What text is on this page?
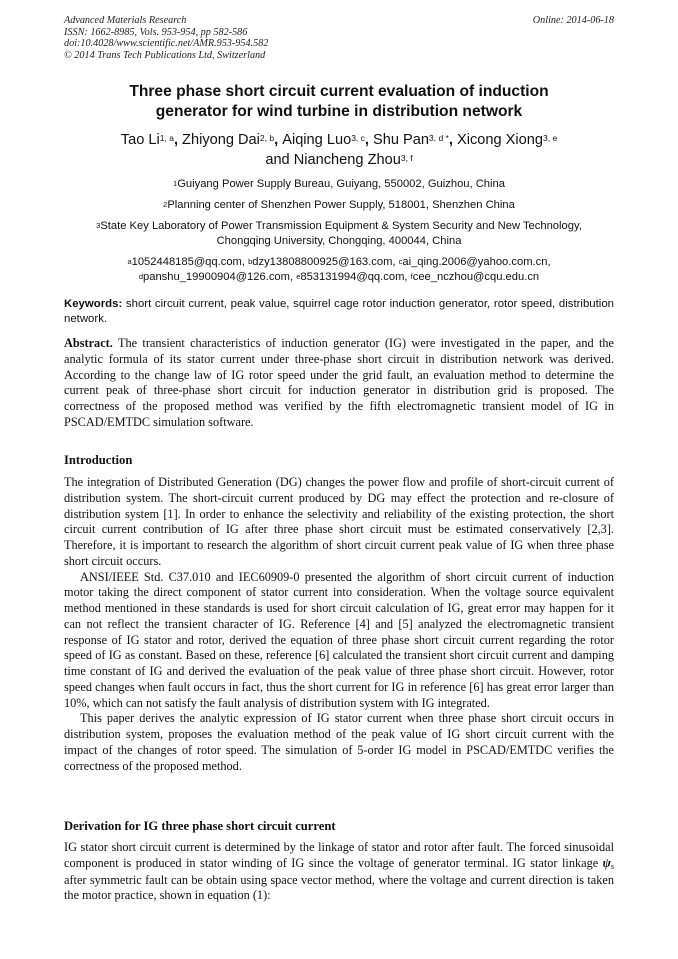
Advanced Materials Research
ISSN: 1662-8985, Vols. 953-954, pp 582-586
doi:10.4028/www.scientific.net/AMR.953-954.582
© 2014 Trans Tech Publications Ltd, Switzerland
Online: 2014-06-18
Three phase short circuit current evaluation of induction
generator for wind turbine in distribution network
Tao Li$^{1, a}$, Zhiyong Dai$^{2, b}$, Aiqing Luo$^{3, c}$, Shu Pan$^{3, d *}$, Xicong Xiong$^{3, e}$
and Niancheng Zhou$^{3, f}$
$^1$Guiyang Power Supply Bureau, Guiyang, 550002, Guizhou, China
$^2$Planning center of Shenzhen Power Supply, 518001, Shenzhen China
$^3$State Key Laboratory of Power Transmission Equipment & System Security and New Technology,
Chongqing University, Chongqing, 400044, China
$^a$1052448185@qq.com, $^b$dzy13808800925@163.com, $^c$ai_qing.2006@yahoo.com.cn,
$^d$panshu_19900904@126.com, $^e$853131994@qq.com, $^f$cee_nczhou@cqu.edu.cn
Keywords: short circuit current, peak value, squirrel cage rotor induction generator, rotor speed, distribution network.

Abstract. The transient characteristics of induction generator (IG) were investigated in the paper, and the analytic formula of its stator current under three-phase short circuit in distribution network was derived. According to the change law of IG rotor speed under the grid fault, an evaluation method to determine the current peak of three-phase short circuit for induction generator in distribution grid is proposed. The correctness of the proposed method was verified by the fifth electromagnetic transient model of IG in PSCAD/EMTDC simulation software.

Introduction

The integration of Distributed Generation (DG) changes the power flow and profile of short-circuit current of distribution system. The short-circuit current produced by DG may effect the protection and re-closure of distribution system [1]. In order to enhance the selectivity and reliability of the existing protection, the short circuit current contribution of IG after three phase short circuit must be estimated conservatively [2,3]. Therefore, it is important to research the algorithm of short circuit current peak value of IG when three phase short circuit occurs.

ANSI/IEEE Std. C37.010 and IEC60909-0 presented the algorithm of short circuit current of induction motor taking the direct component of stator current into consideration. When the voltage source equivalent method mentioned in these standards is used for short circuit calculation of IG, great error may happen for it can not reflect the transient character of IG. Reference [4] and [5] analyzed the electromagnetic transient response of IG stator and rotor, derived the equation of three phase short circuit current regarding the rotor speed of IG as constant. Based on these, reference [6] calculated the transient short circuit current and damping time constant of IG and derived the evaluation of the peak value of three phase short circuit. However, rotor speed changes when fault occurs in fact, thus the short current for IG in reference [6] has great error larger than 10%, which can not satisfy the fault analysis of distribution system with IG integrated.

This paper derives the analytic expression of IG stator current when three phase short circuit occurs in distribution system, proposes the evaluation method of the peak value of IG short circuit current with the impact of the changes of rotor speed. The simulation of 5-order IG model in PSCAD/EMTDC verifies the correctness of the proposed method.

Derivation for IG three phase short circuit current

IG stator short circuit current is determined by the linkage of stator and rotor after fault. The forced sinusoidal component is produced in stator winding of IG since the voltage of generator terminal. IG stator linkage ψs after symmetric fault can be obtain using space vector method, where the voltage and current direction is taken the motor practice, shown in equation (1):
